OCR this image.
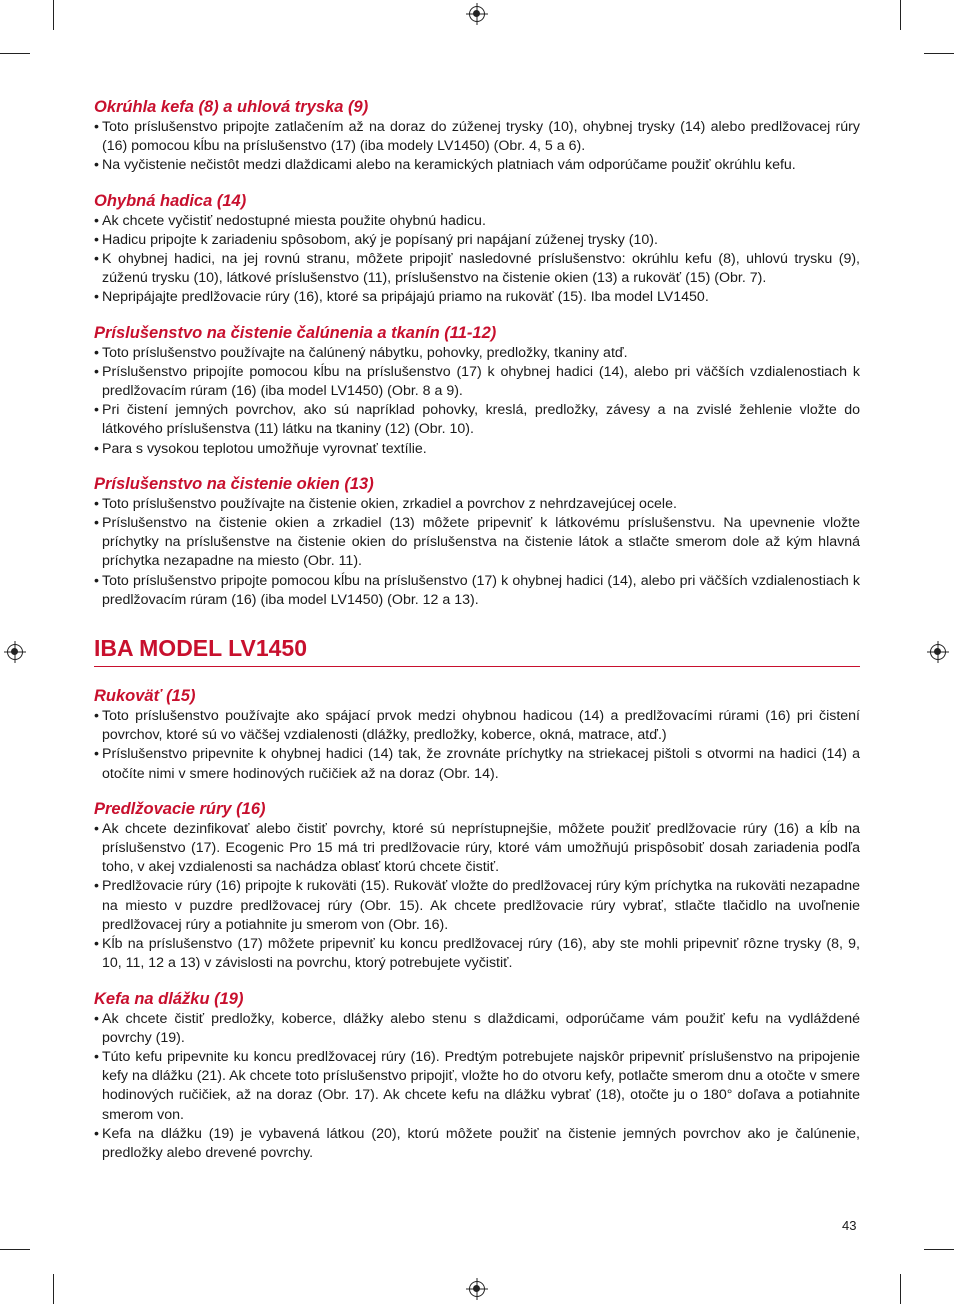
Okrúhla kefa (8) a uhlová tryska (9)
• Toto príslušenstvo pripojte zatlačením až na doraz do zúženej trysky (10), ohybnej trysky (14) alebo predlžovacej rúry (16) pomocou kĺbu na príslušenstvo (17) (iba modely LV1450) (Obr. 4, 5 a 6).
• Na vyčistenie nečistôt medzi dlaždicami alebo na keramických platniach vám odporúčame použiť okrúhlu kefu.
Ohybná hadica (14)
• Ak chcete vyčistiť nedostupné miesta použite ohybnú hadicu.
• Hadicu pripojte k zariadeniu spôsobom, aký je popísaný pri napájaní zúženej trysky (10).
• K ohybnej hadici, na jej rovnú stranu, môžete pripojiť nasledovné príslušenstvo: okrúhlu kefu (8), uhlovú trysku (9), zúženú trysku (10), látkové príslušenstvo (11), príslušenstvo na čistenie okien (13) a rukoväť (15) (Obr. 7).
• Nepripájajte predlžovacie rúry (16), ktoré sa pripájajú priamo na rukoväť (15). Iba model LV1450.
Príslušenstvo na čistenie čalúnenia a tkanín (11-12)
• Toto príslušenstvo používajte na čalúnený nábytku, pohovky, predložky, tkaniny atď.
• Príslušenstvo pripojíte pomocou kĺbu na príslušenstvo (17) k ohybnej hadici (14), alebo pri väčších vzdialenostiach k predlžovacím rúram (16) (iba model LV1450) (Obr. 8 a 9).
• Pri čistení jemných povrchov, ako sú napríklad pohovky, kreslá, predložky, závesy a na zvislé žehlenie vložte do látkového príslušenstva (11) látku na tkaniny (12) (Obr. 10).
• Para s vysokou teplotou umožňuje vyrovnať textílie.
Príslušenstvo na čistenie okien (13)
• Toto príslušenstvo používajte na čistenie okien, zrkadiel a povrchov z nehrdzavejúcej ocele.
• Príslušenstvo na čistenie okien a zrkadiel (13) môžete pripevniť k látkovému príslušenstvu. Na upevnenie vložte príchytky na príslušenstve na čistenie okien do príslušenstva na čistenie látok a stlačte smerom dole až kým hlavná príchytka nezapadne na miesto (Obr. 11).
• Toto príslušenstvo pripojte pomocou kĺbu na príslušenstvo (17) k ohybnej hadici (14), alebo pri väčších vzdialenostiach k predlžovacím rúram (16) (iba model LV1450) (Obr. 12 a 13).
IBA MODEL LV1450
Rukoväť (15)
• Toto príslušenstvo používajte ako spájací prvok medzi ohybnou hadicou (14) a predlžovacími rúrami (16) pri čistení povrchov, ktoré sú vo väčšej vzdialenosti (dlážky, predložky, koberce, okná, matrace, atď.)
• Príslušenstvo pripevnite k ohybnej hadici (14) tak, že zrovnáte príchytky na striekacej pištoli s otvormi na hadici (14) a otočíte nimi v smere hodinových ručičiek až na doraz (Obr. 14).
Predlžovacie rúry (16)
• Ak chcete dezinfikovať alebo čistiť povrchy, ktoré sú neprístupnejšie, môžete použiť predlžovacie rúry (16) a kĺb na príslušenstvo (17). Ecogenic Pro 15 má tri predlžovacie rúry, ktoré vám umožňujú prispôsobiť dosah zariadenia podľa toho, v akej vzdialenosti sa nachádza oblasť ktorú chcete čistiť.
• Predlžovacie rúry (16) pripojte k rukoväti (15). Rukoväť vložte do predlžovacej rúry kým príchytka na rukoväti nezapadne na miesto v puzdre predlžovacej rúry (Obr. 15). Ak chcete predlžovacie rúry vybrať, stlačte tlačidlo na uvoľnenie predlžovacej rúry a potiahnite ju smerom von (Obr. 16).
• Kĺb na príslušenstvo (17) môžete pripevniť ku koncu predlžovacej rúry (16), aby ste mohli pripevniť rôzne trysky (8, 9, 10, 11, 12 a 13) v závislosti na povrchu, ktorý potrebujete vyčistiť.
Kefa na dlážku (19)
• Ak chcete čistiť predložky, koberce, dlážky alebo stenu s dlaždicami, odporúčame vám použiť kefu na vydláždené povrchy (19).
• Túto kefu pripevnite ku koncu predlžovacej rúry (16). Predtým potrebujete najskôr pripevniť príslušenstvo na pripojenie kefy na dlážku (21). Ak chcete toto príslušenstvo pripojiť, vložte ho do otvoru kefy, potlačte smerom dnu a otočte v smere hodinových ručičiek, až na doraz (Obr. 17). Ak chcete kefu na dlážku vybrať (18), otočte ju o 180° doľava a potiahnite smerom von.
• Kefa na dlážku (19) je vybavená látkou (20), ktorú môžete použiť na čistenie jemných povrchov ako je čalúnenie, predložky alebo drevené povrchy.
43
